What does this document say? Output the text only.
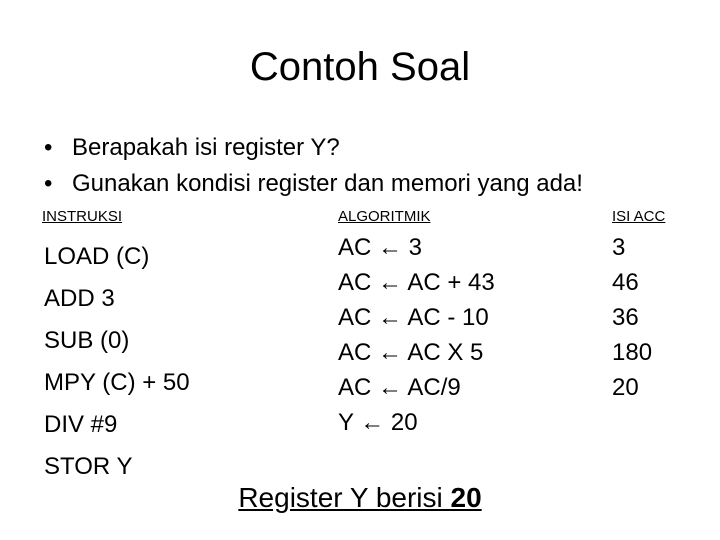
Contoh Soal
• Berapakah isi register Y?
• Gunakan kondisi register dan memori yang ada!
INSTRUKSI	ALGORITMIK	ISI ACC
LOAD (C)
ADD 3
SUB (0)
MPY (C) + 50
DIV #9
STOR Y
AC ← 3
AC ← AC + 43
AC ← AC - 10
AC ← AC X 5
AC ← AC/9
Y ← 20
3
46
36
180
20
Register Y berisi 20
